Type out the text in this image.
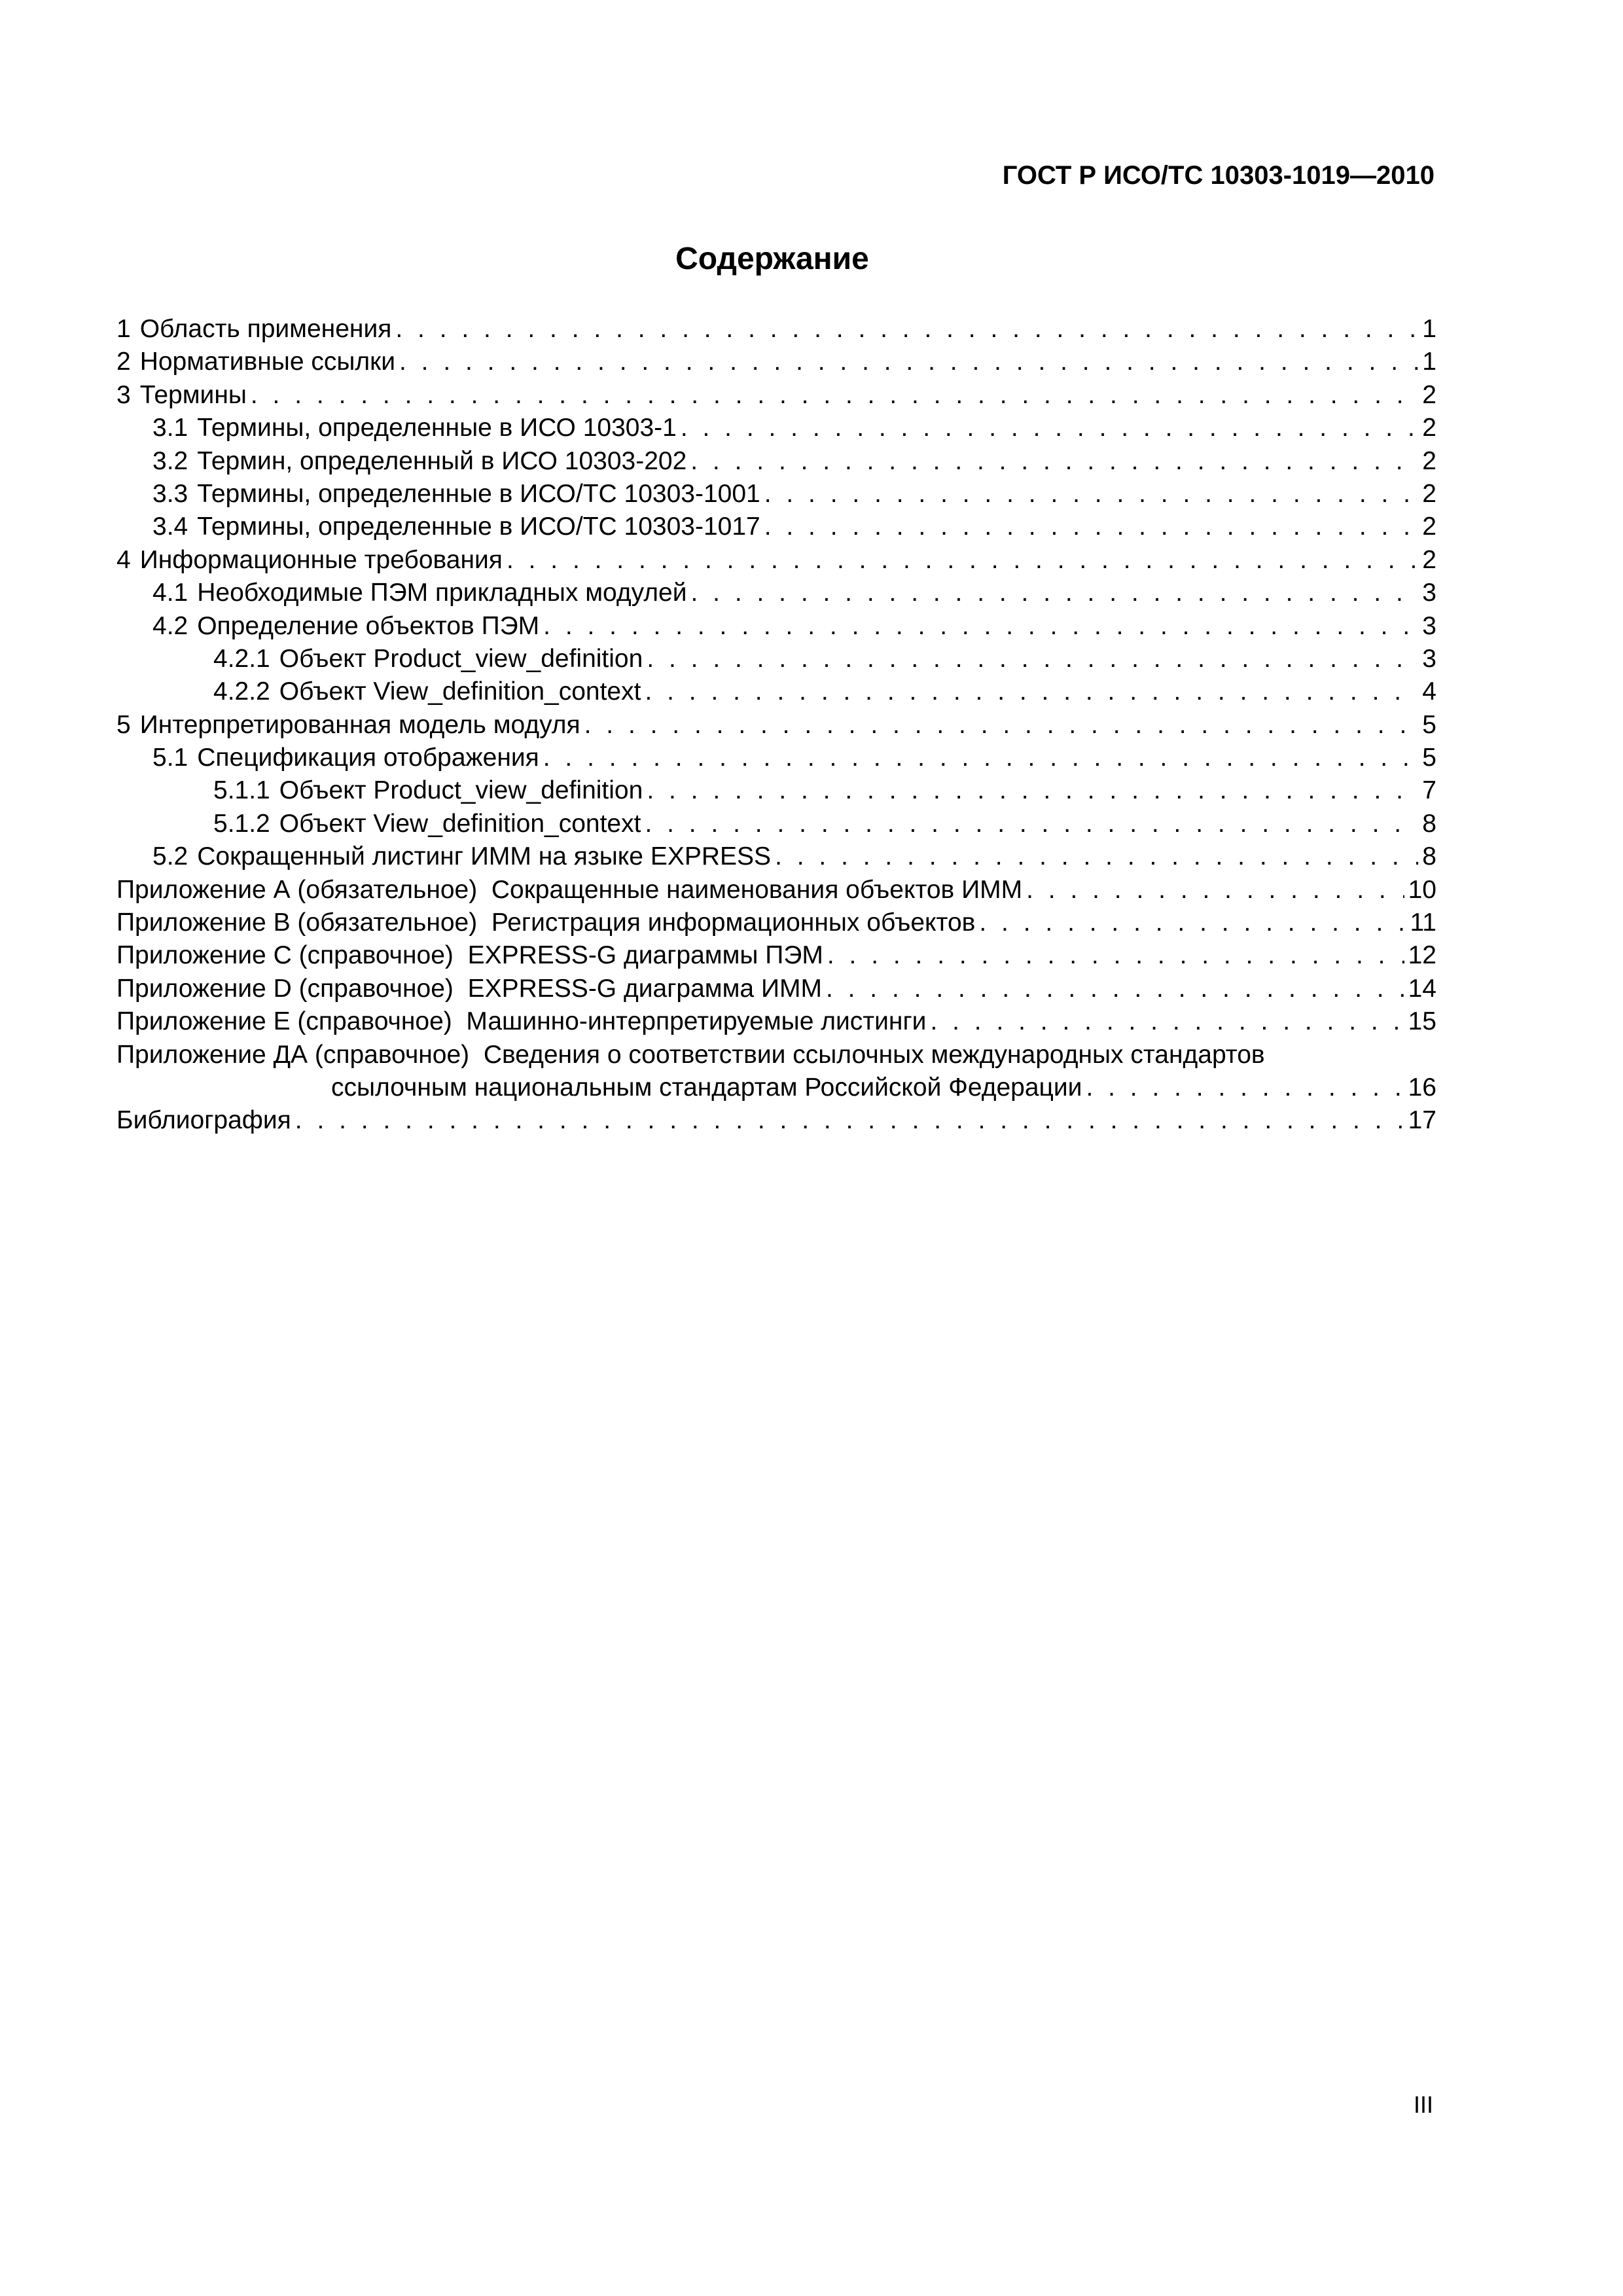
ГОСТ Р ИСО/ТС 10303-1019—2010
Содержание
1 Область применения . . .	1
2 Нормативные ссылки . . .	1
3 Термины . . .	2
3.1 Термины, определенные в ИСО 10303-1 . . .	2
3.2 Термин, определенный в ИСО 10303-202 . . .	2
3.3 Термины, определенные в ИСО/ТС 10303-1001 . . .	2
3.4 Термины, определенные в ИСО/ТС 10303-1017 . . .	2
4 Информационные требования . . .	2
4.1 Необходимые ПЭМ прикладных модулей . . .	3
4.2 Определение объектов ПЭМ . . .	3
4.2.1 Объект Product_view_definition . . .	3
4.2.2 Объект View_definition_context . . .	4
5 Интерпретированная модель модуля . . .	5
5.1 Спецификация отображения . . .	5
5.1.1 Объект Product_view_definition . . .	7
5.1.2 Объект View_definition_context . . .	8
5.2 Сокращенный листинг ИММ на языке EXPRESS . . .	8
Приложение А (обязательное)  Сокращенные наименования объектов ИММ . . .	10
Приложение В (обязательное)  Регистрация информационных объектов . . .	11
Приложение С (справочное)  EXPRESS-G диаграммы ПЭМ . . .	12
Приложение D (справочное)  EXPRESS-G диаграмма ИММ . . .	14
Приложение Е (справочное)  Машинно-интерпретируемые листинги . . .	15
Приложение ДА (справочное)  Сведения о соответствии ссылочных международных стандартов
ссылочным национальным стандартам Российской Федерации . . .	16
Библиография . . .	17
III
